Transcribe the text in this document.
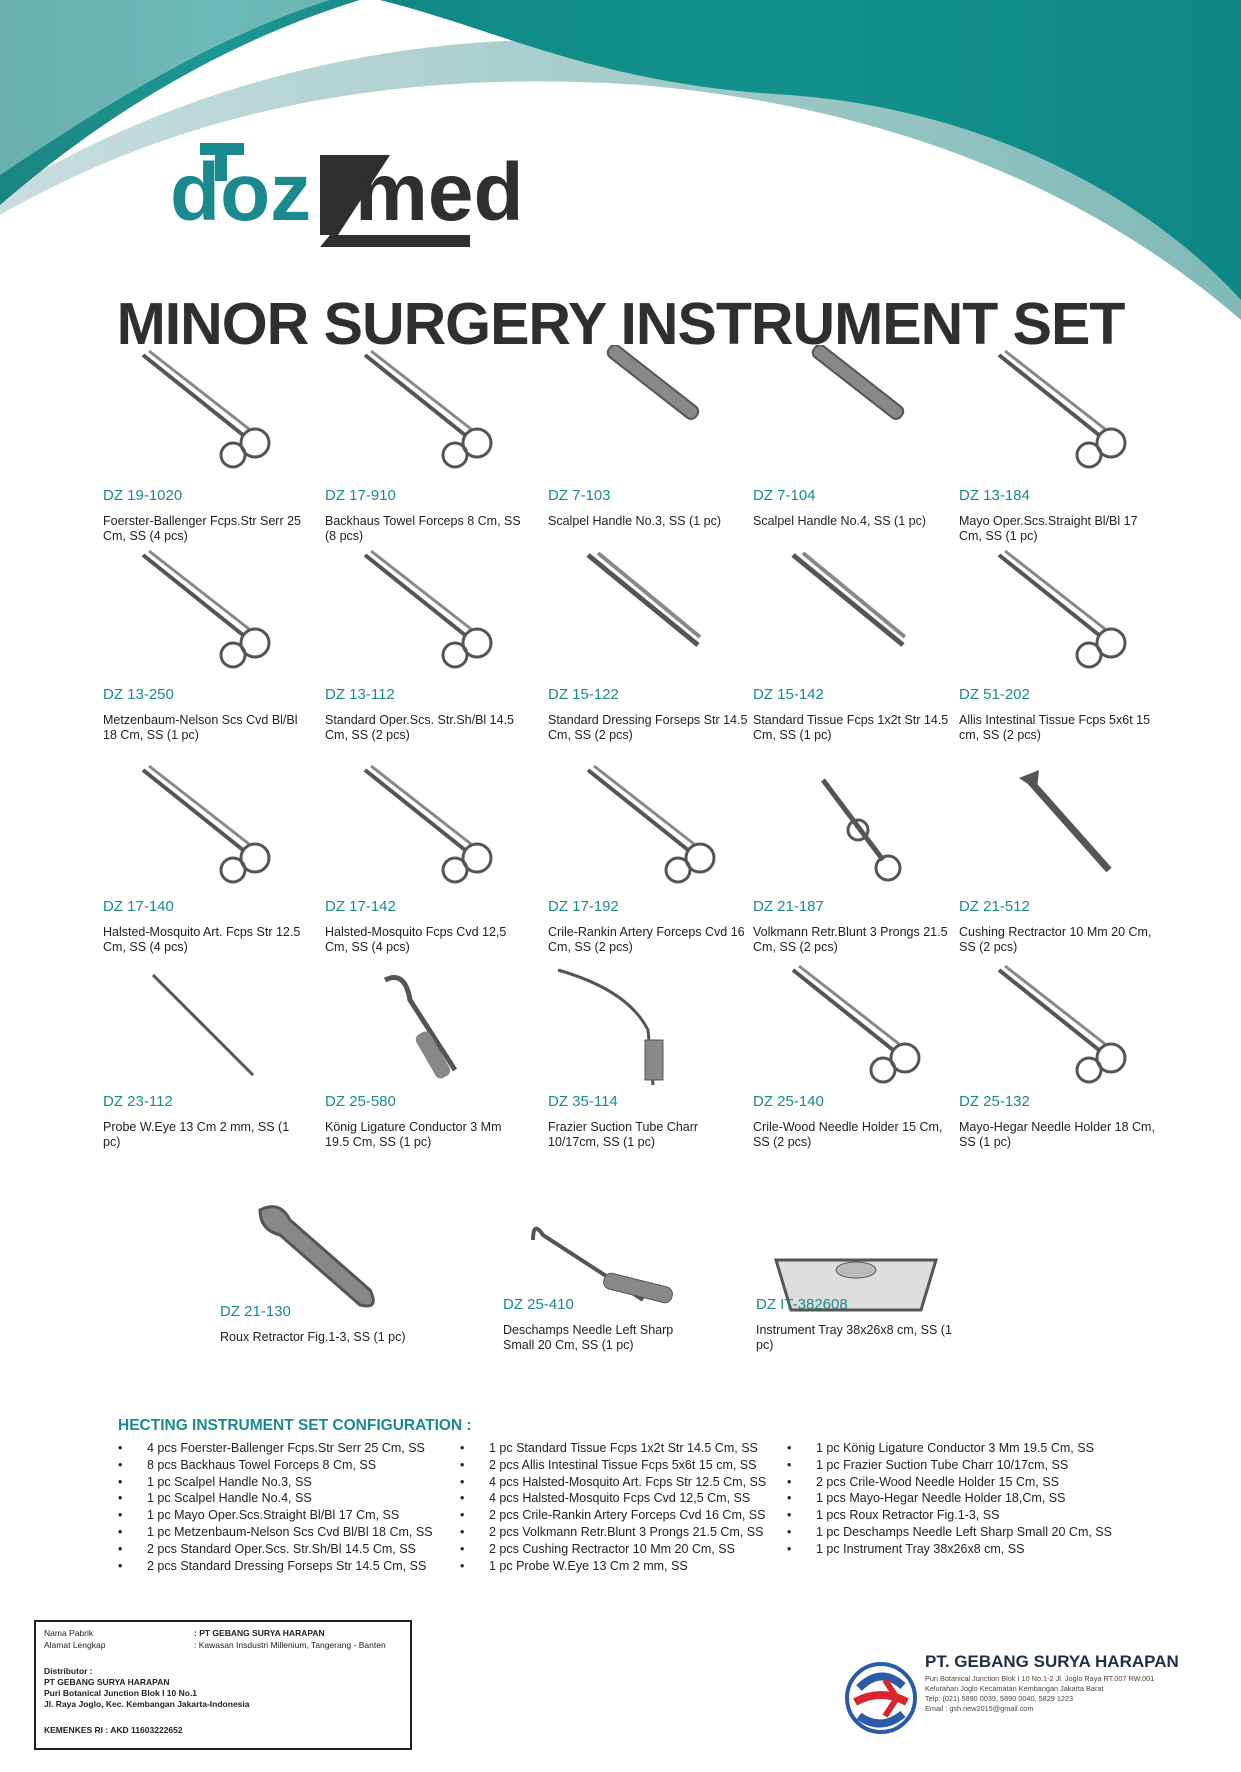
doz med
MINOR SURGERY INSTRUMENT SET
DZ 19-1020
Foerster-Ballenger Fcps.Str Serr 25 Cm, SS (4 pcs)
DZ 17-910
Backhaus Towel Forceps 8 Cm, SS (8 pcs)
DZ 7-103
Scalpel Handle No.3, SS (1 pc)
DZ 7-104
Scalpel Handle No.4, SS (1 pc)
DZ 13-184
Mayo Oper.Scs.Straight Bl/Bl 17 Cm, SS (1 pc)
DZ 13-250
Metzenbaum-Nelson Scs Cvd Bl/Bl 18 Cm, SS (1 pc)
DZ 13-112
Standard Oper.Scs. Str.Sh/Bl 14.5 Cm, SS (2 pcs)
DZ 15-122
Standard Dressing Forseps Str 14.5 Cm, SS (2 pcs)
DZ 15-142
Standard Tissue Fcps 1x2t Str 14.5 Cm, SS (1 pc)
DZ 51-202
Allis Intestinal Tissue Fcps 5x6t 15 cm, SS (2 pcs)
DZ 17-140
Halsted-Mosquito Art. Fcps Str 12.5 Cm, SS (4 pcs)
DZ 17-142
Halsted-Mosquito Fcps Cvd 12,5 Cm, SS (4 pcs)
DZ 17-192
Crile-Rankin Artery Forceps Cvd 16 Cm, SS (2 pcs)
DZ 21-187
Volkmann Retr.Blunt 3 Prongs 21.5 Cm, SS (2 pcs)
DZ 21-512
Cushing Rectractor 10 Mm 20 Cm, SS (2 pcs)
DZ 23-112
Probe W.Eye 13 Cm 2 mm, SS (1 pc)
DZ 25-580
König Ligature Conductor 3 Mm 19.5 Cm, SS (1 pc)
DZ 35-114
Frazier Suction Tube Charr 10/17cm, SS (1 pc)
DZ 25-140
Crile-Wood Needle Holder 15 Cm, SS (2 pcs)
DZ 25-132
Mayo-Hegar Needle Holder 18 Cm, SS (1 pc)
DZ 21-130
Roux Retractor Fig.1-3, SS (1 pc)
DZ 25-410
Deschamps Needle Left Sharp Small 20 Cm, SS (1 pc)
DZ IT-382608
Instrument Tray 38x26x8 cm, SS (1 pc)
HECTING INSTRUMENT SET CONFIGURATION :
• 4 pcs Foerster-Ballenger Fcps.Str Serr 25 Cm, SS
• 8 pcs Backhaus Towel Forceps 8 Cm, SS
• 1 pc Scalpel Handle No.3, SS
• 1 pc Scalpel Handle No.4, SS
• 1 pc Mayo Oper.Scs.Straight Bl/Bl 17 Cm, SS
• 1 pc Metzenbaum-Nelson Scs Cvd Bl/Bl 18 Cm, SS
• 2 pcs Standard Oper.Scs. Str.Sh/Bl 14.5 Cm, SS
• 2 pcs Standard Dressing Forseps Str 14.5 Cm, SS
• 1 pc Standard Tissue Fcps 1x2t Str 14.5 Cm, SS
• 2 pcs Allis Intestinal Tissue Fcps 5x6t 15 cm, SS
• 4 pcs Halsted-Mosquito Art. Fcps Str 12.5 Cm, SS
• 4 pcs Halsted-Mosquito Fcps Cvd 12,5 Cm, SS
• 2 pcs Crile-Rankin Artery Forceps Cvd 16 Cm, SS
• 2 pcs Volkmann Retr.Blunt 3 Prongs 21.5 Cm, SS
• 2 pcs Cushing Rectractor 10 Mm 20 Cm, SS
• 1 pc Probe W.Eye 13 Cm 2 mm, SS
• 1 pc König Ligature Conductor 3 Mm 19.5 Cm, SS
• 1 pc Frazier Suction Tube Charr 10/17cm, SS
• 2 pcs Crile-Wood Needle Holder 15 Cm, SS
• 1 pcs Mayo-Hegar Needle Holder 18,Cm, SS
• 1 pcs Roux Retractor Fig.1-3, SS
• 1 pc Deschamps Needle Left Sharp Small 20 Cm, SS
• 1 pc Instrument Tray 38x26x8 cm, SS
Nama Pabrik	: PT GEBANG SURYA HARAPAN
Alamat Lengkap	: Kawasan Insdustri Millenium, Tangerang - Banten
Distributor :
PT GEBANG SURYA HARAPAN
Puri Botanical Junction Blok I 10 No.1
Jl. Raya Joglo, Kec. Kembangan Jakarta-Indonesia
KEMENKES RI : AKD 11603222652
PT. GEBANG SURYA HARAPAN
Puri Botanical Junction Blok I 10 No.1-2 Jl. Joglo Raya RT.007 RW.001
Kelurahan Joglo Kecamatan Kembangan Jakarta Barat
Telp: (021) 5890 0039, 5890 0040, 5829 1223
Email : gsh.new2015@gmail.com
